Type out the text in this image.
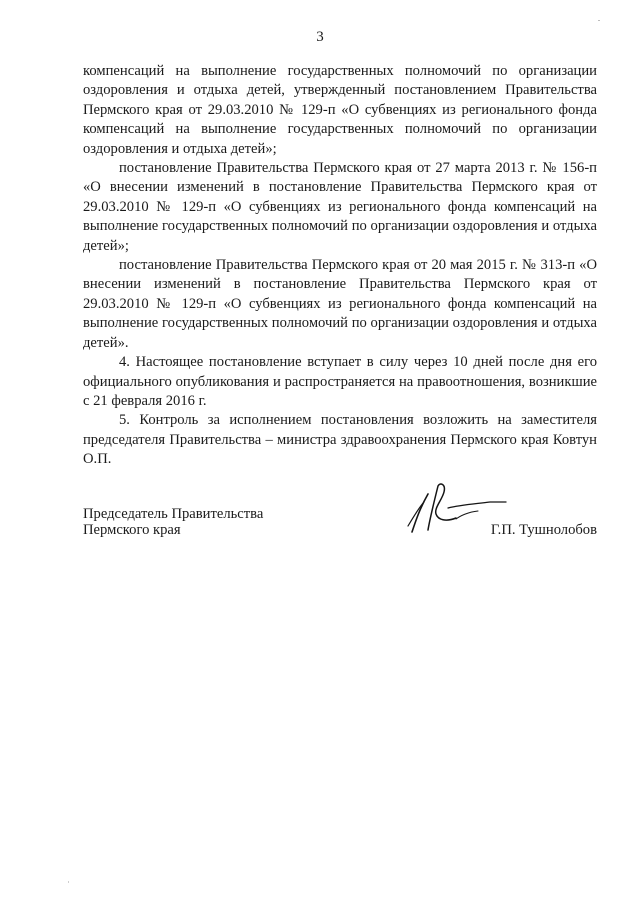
3

компенсаций на выполнение государственных полномочий по организации оздоровления и отдыха детей, утвержденный постановлением Правительства Пермского края от 29.03.2010 № 129-п «О субвенциях из регионального фонда компенсаций на выполнение государственных полномочий по организации оздоровления и отдыха детей»;

постановление Правительства Пермского края от 27 марта 2013 г. № 156-п «О внесении изменений в постановление Правительства Пермского края от 29.03.2010 № 129-п «О субвенциях из регионального фонда компенсаций на выполнение государственных полномочий по организации оздоровления и отдыха детей»;

постановление Правительства Пермского края от 20 мая 2015 г. № 313-п «О внесении изменений в постановление Правительства Пермского края от 29.03.2010 № 129-п «О субвенциях из регионального фонда компенсаций на выполнение государственных полномочий по организации оздоровления и отдыха детей».

4. Настоящее постановление вступает в силу через 10 дней после дня его официального опубликования и распространяется на правоотношения, возникшие с 21 февраля 2016 г.

5. Контроль за исполнением постановления возложить на заместителя председателя Правительства – министра здравоохранения Пермского края Ковтун О.П.

Председатель Правительства
Пермского края	Г.П. Тушнолобов
